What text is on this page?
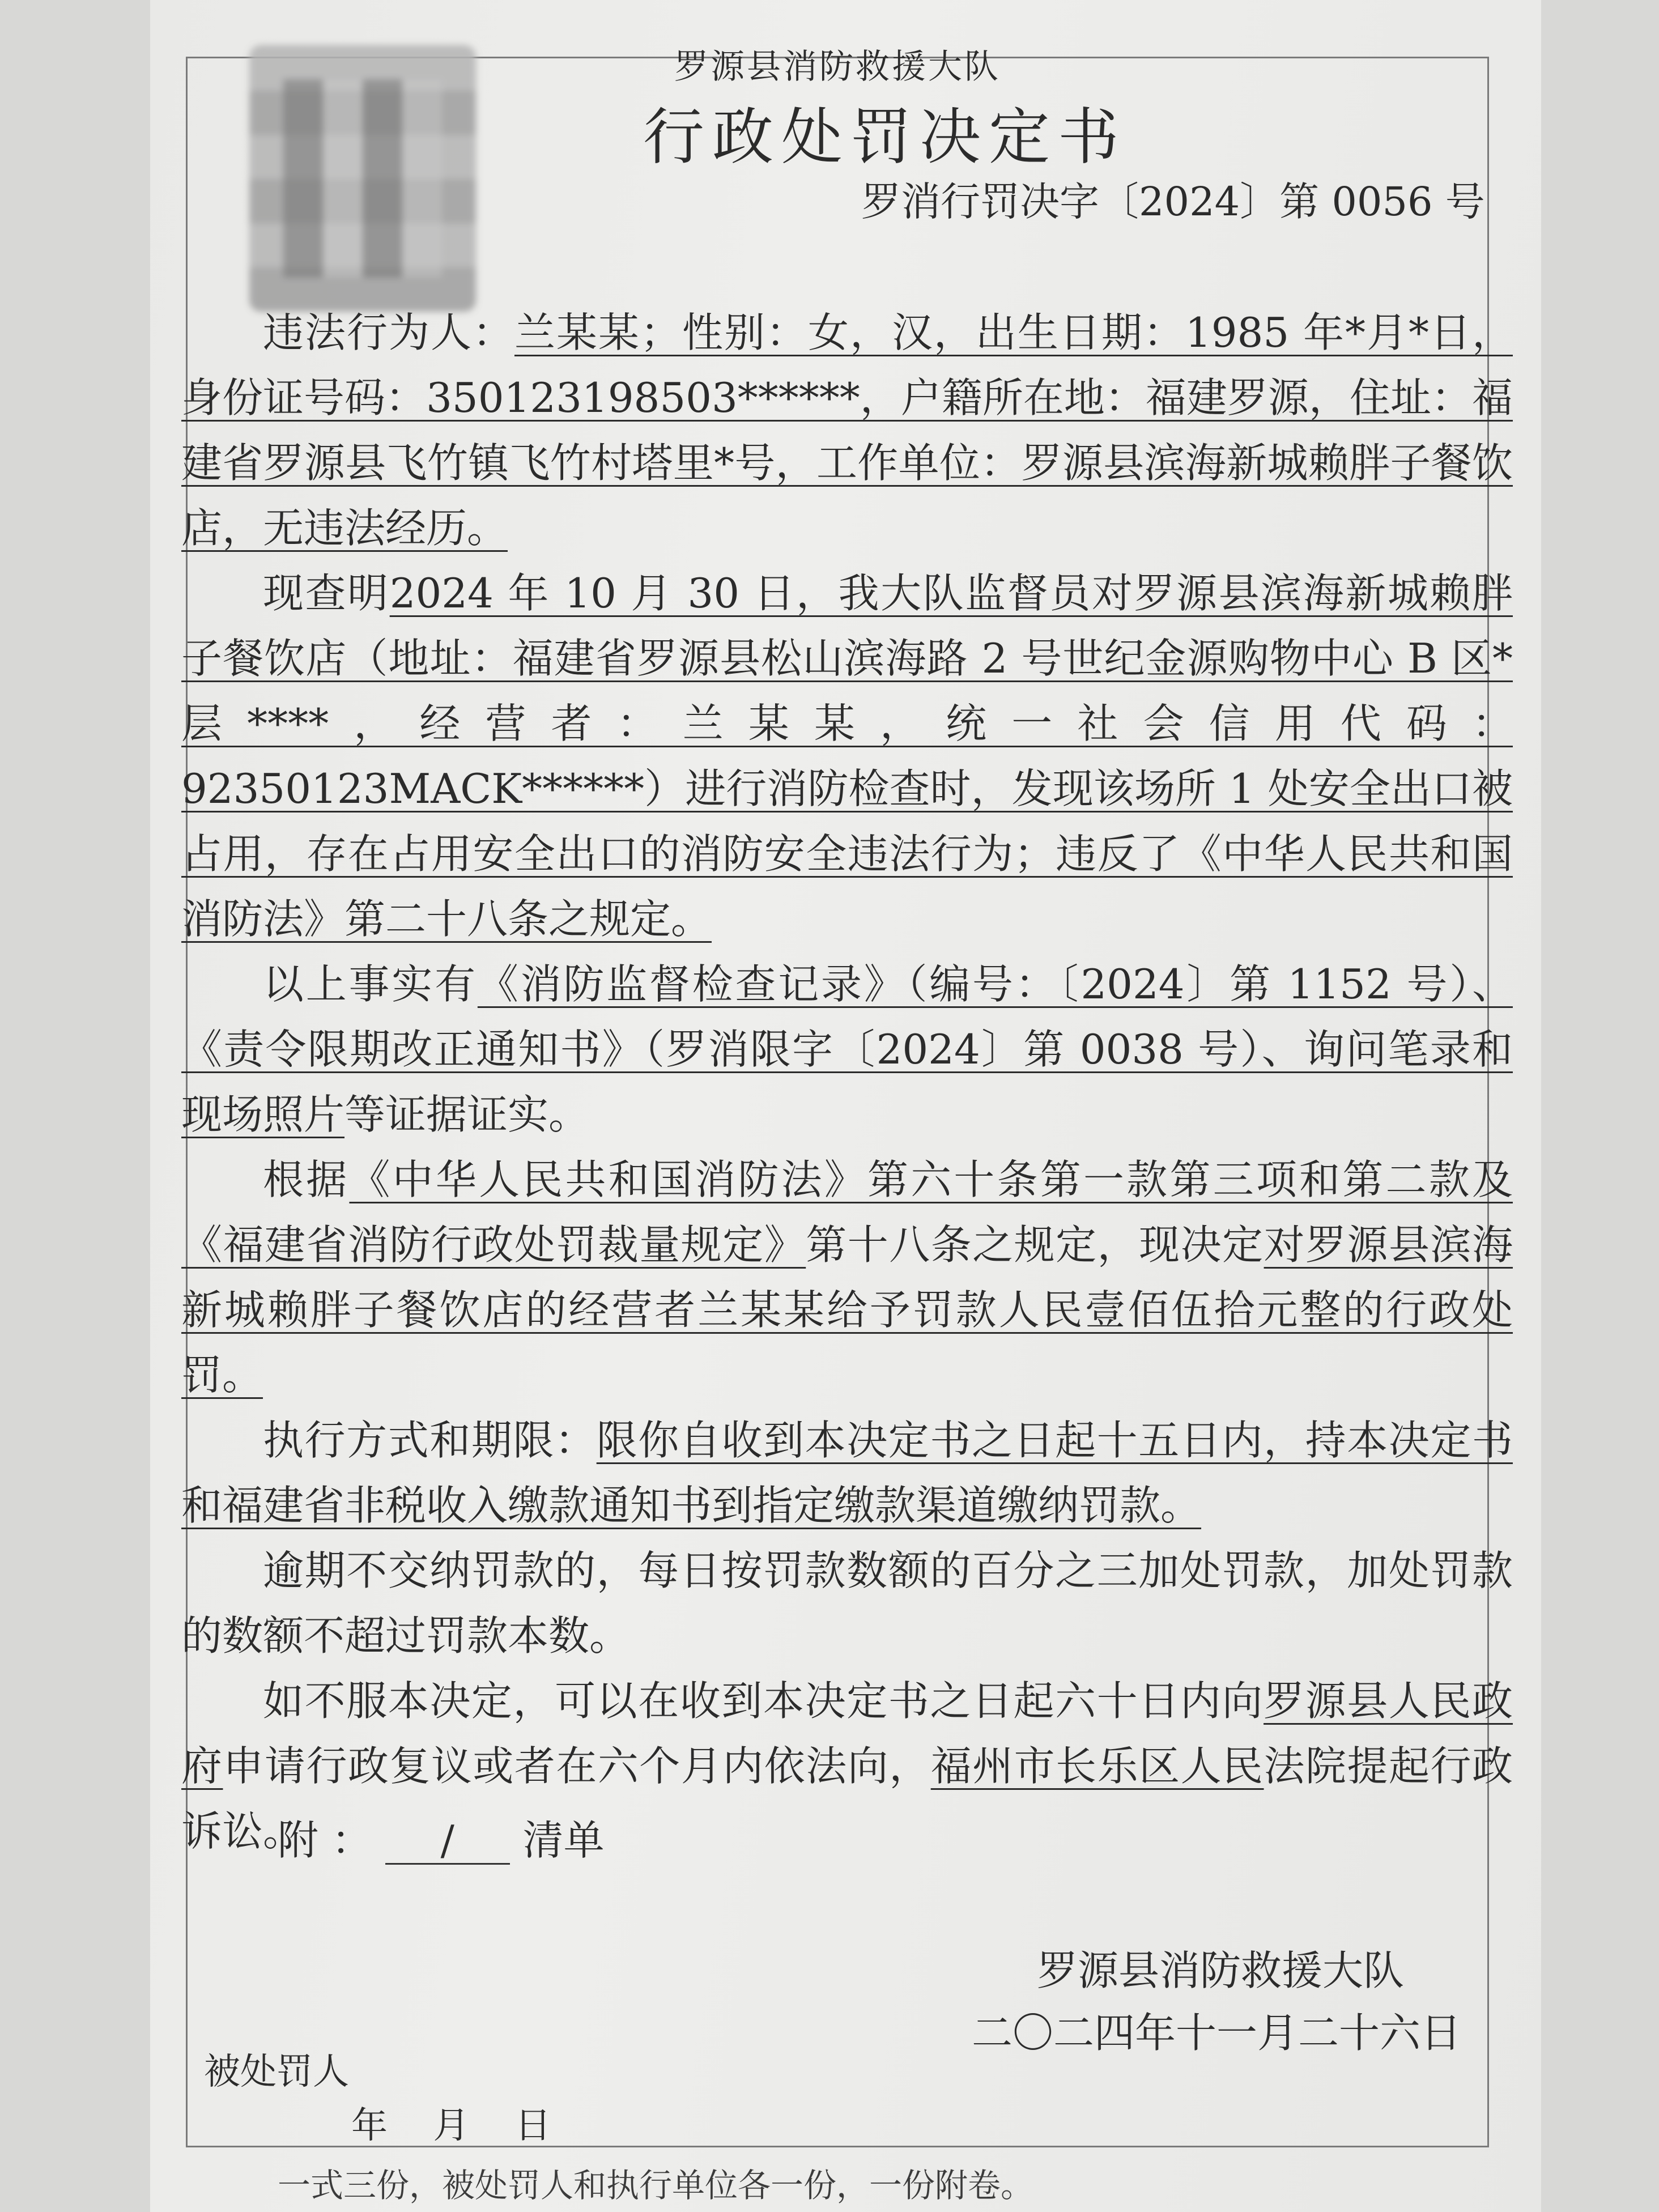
罗源县消防救援大队
行政处罚决定书
罗消行罚决字〔2024〕第 0056 号

违法行为人：兰某某；性别：女，汉，出生日期：1985 年*月*日，身份证号码：350123198503******，户籍所在地：福建罗源，住址：福建省罗源县飞竹镇飞竹村塔里*号，工作单位：罗源县滨海新城赖胖子餐饮店，无违法经历。

现查明2024 年 10 月 30 日，我大队监督员对罗源县滨海新城赖胖子餐饮店（地址：福建省罗源县松山滨海路 2 号世纪金源购物中心 B 区*层****，经营者：兰某某，统一社会信用代码：92350123MACK******）进行消防检查时，发现该场所 1 处安全出口被占用，存在占用安全出口的消防安全违法行为；违反了《中华人民共和国消防法》第二十八条之规定。

以上事实有《消防监督检查记录》（编号：〔2024〕第 1152 号）、《责令限期改正通知书》（罗消限字〔2024〕第 0038 号）、询问笔录和现场照片等证据证实。

根据《中华人民共和国消防法》第六十条第一款第三项和第二款及《福建省消防行政处罚裁量规定》第十八条之规定，现决定对罗源县滨海新城赖胖子餐饮店的经营者兰某某给予罚款人民壹佰伍拾元整的行政处罚。

执行方式和期限：限你自收到本决定书之日起十五日内，持本决定书和福建省非税收入缴款通知书到指定缴款渠道缴纳罚款。

逾期不交纳罚款的，每日按罚款数额的百分之三加处罚款，加处罚款的数额不超过罚款本数。

如不服本决定，可以在收到本决定书之日起六十日内向罗源县人民政府申请行政复议或者在六个月内依法向，福州市长乐区人民法院提起行政诉讼。

附 ： / 清单
罗源县消防救援大队
二〇二四年十一月二十六日
被处罚人
年 月 日
一式三份，被处罚人和执行单位各一份，一份附卷。
